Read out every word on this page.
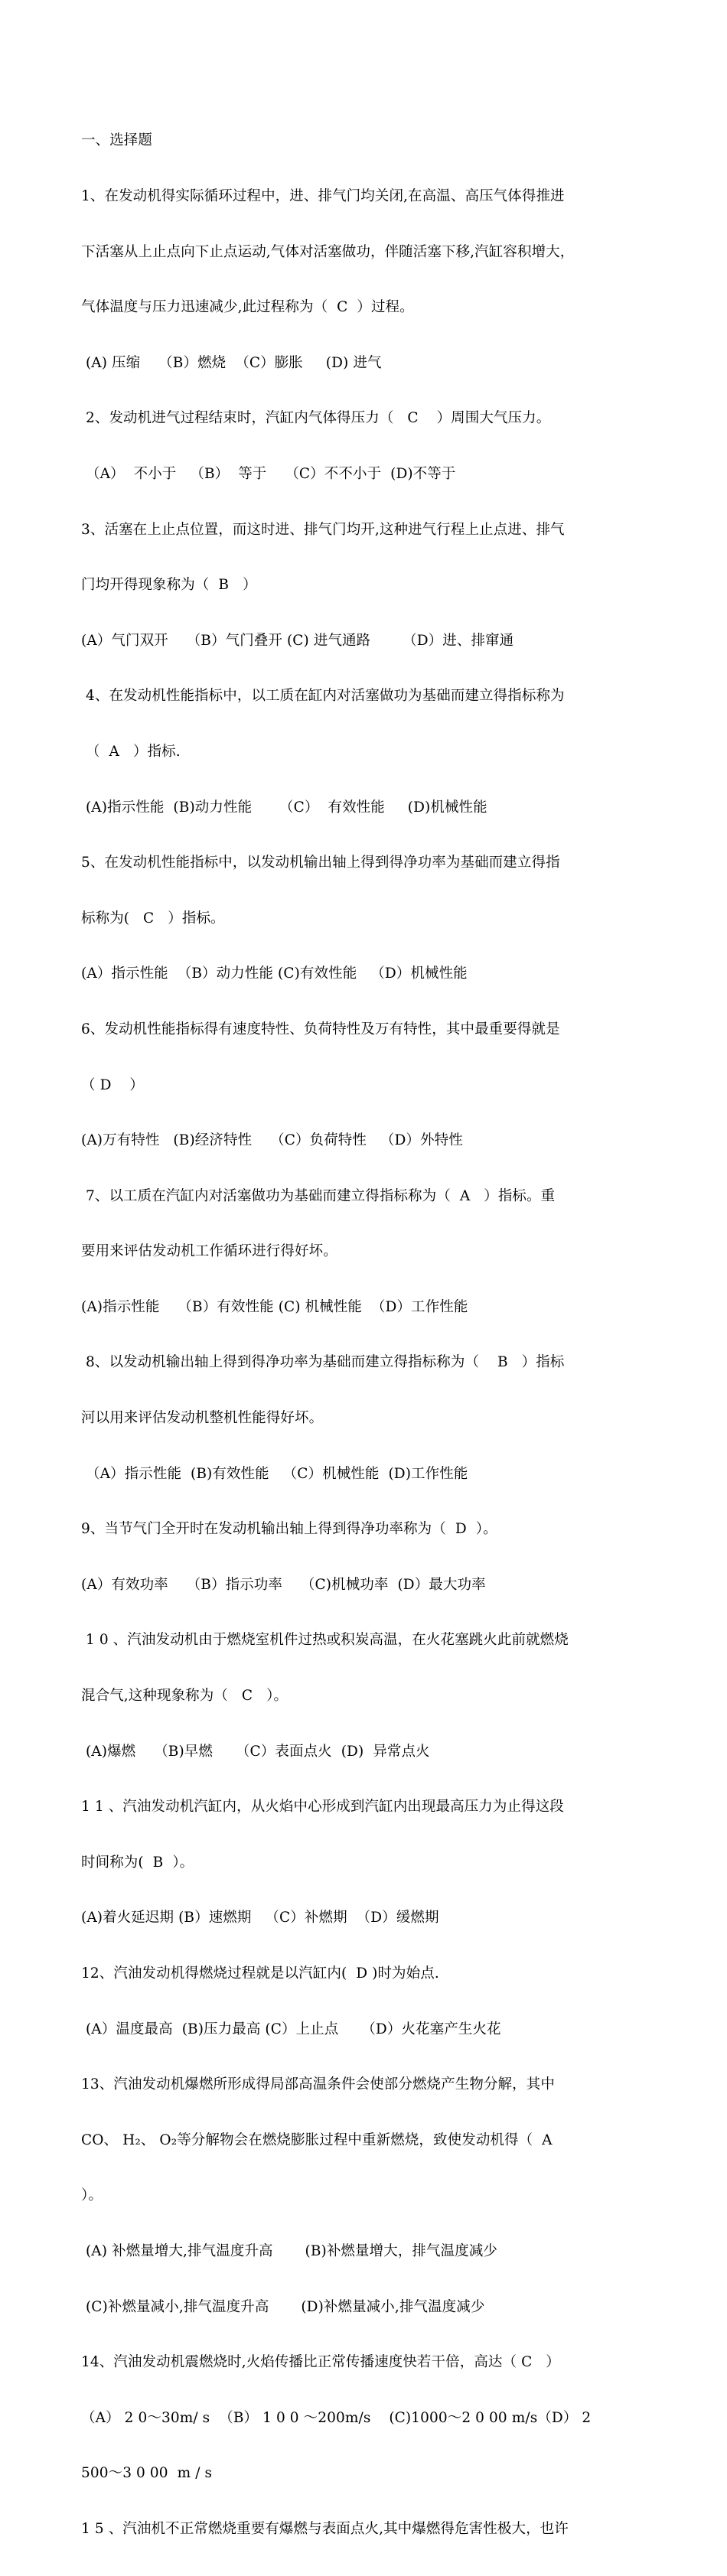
一、选择题

1、在发动机得实际循环过程中，进、排气门均关闭,在高温、高压气体得推进

下活塞从上止点向下止点运动,气体对活塞做功，伴随活塞下移,汽缸容积增大，

气体温度与压力迅速减少,此过程称为（  C  ）过程。

(A) 压缩    （B）燃烧  （C）膨胀     (D) 进气

2、发动机进气过程结束时，汽缸内气体得压力（   C    ）周围大气压力。

（A）  不小于   （B）  等于    （C）不不小于  (D)不等于

3、活塞在上止点位置，而这时进、排气门均开,这种进气行程上止点进、排气

门均开得现象称为（  B   ）

(A）气门双开    （B）气门叠开 (C) 进气通路       （D）进、排窜通

4、在发动机性能指标中，以工质在缸内对活塞做功为基础而建立得指标称为

（  A   ）指标.

(A)指示性能  (B)动力性能      （C）  有效性能     (D)机械性能

5、在发动机性能指标中，以发动机输出轴上得到得净功率为基础而建立得指

标称为(   C   ）指标。

(A）指示性能  （B）动力性能 (C)有效性能   （D）机械性能

6、发动机性能指标得有速度特性、负荷特性及万有特性，其中最重要得就是

（ D    ）

(A)万有特性   (B)经济特性    （C）负荷特性   （D）外特性

7、以工质在汽缸内对活塞做功为基础而建立得指标称为（  A   ）指标。重

要用来评估发动机工作循环进行得好坏。

(A)指示性能    （B）有效性能 (C) 机械性能  （D）工作性能

8、以发动机输出轴上得到得净功率为基础而建立得指标称为（    B   ）指标

河以用来评估发动机整机性能得好坏。

（A）指示性能  (B)有效性能   （C）机械性能  (D)工作性能

9、当节气门全开时在发动机输出轴上得到得净功率称为（  D  ）。

(A）有效功率    （B）指示功率    （C)机械功率  (D）最大功率

1 0 、汽油发动机由于燃烧室机件过热或积炭高温，在火花塞跳火此前就燃烧

混合气,这种现象称为（   C   ）。

(A)爆燃    （B)早燃     （C）表面点火  (D)  异常点火

1 1 、汽油发动机汽缸内，从火焰中心形成到汽缸内出现最高压力为止得这段

时间称为(  B  ）。

(A)着火延迟期 (B）速燃期   （C）补燃期  （D）缓燃期

12、汽油发动机得燃烧过程就是以汽缸内(  D )时为始点.

(A）温度最高  (B)压力最高 (C）上止点     （D）火花塞产生火花

13、汽油发动机爆燃所形成得局部高温条件会使部分燃烧产生物分解，其中

CO、 H₂、 O₂等分解物会在燃烧膨胀过程中重新燃烧，致使发动机得（  A

）。

(A) 补燃量增大,排气温度升高       (B)补燃量增大，排气温度减少

(C)补燃量减小,排气温度升高       (D)补燃量减小,排气温度减少

14、汽油发动机震燃烧时,火焰传播比正常传播速度快若干倍，高达（ C   ）

（A） 2 0～30m/ s  （B） 1 0 0 ～200m/s    (C)1000～2 0 00 m/s（D） 2

500～3 0 00  m / s

1 5 、汽油机不正常燃烧重要有爆燃与表面点火,其中爆燃得危害性极大，也许
